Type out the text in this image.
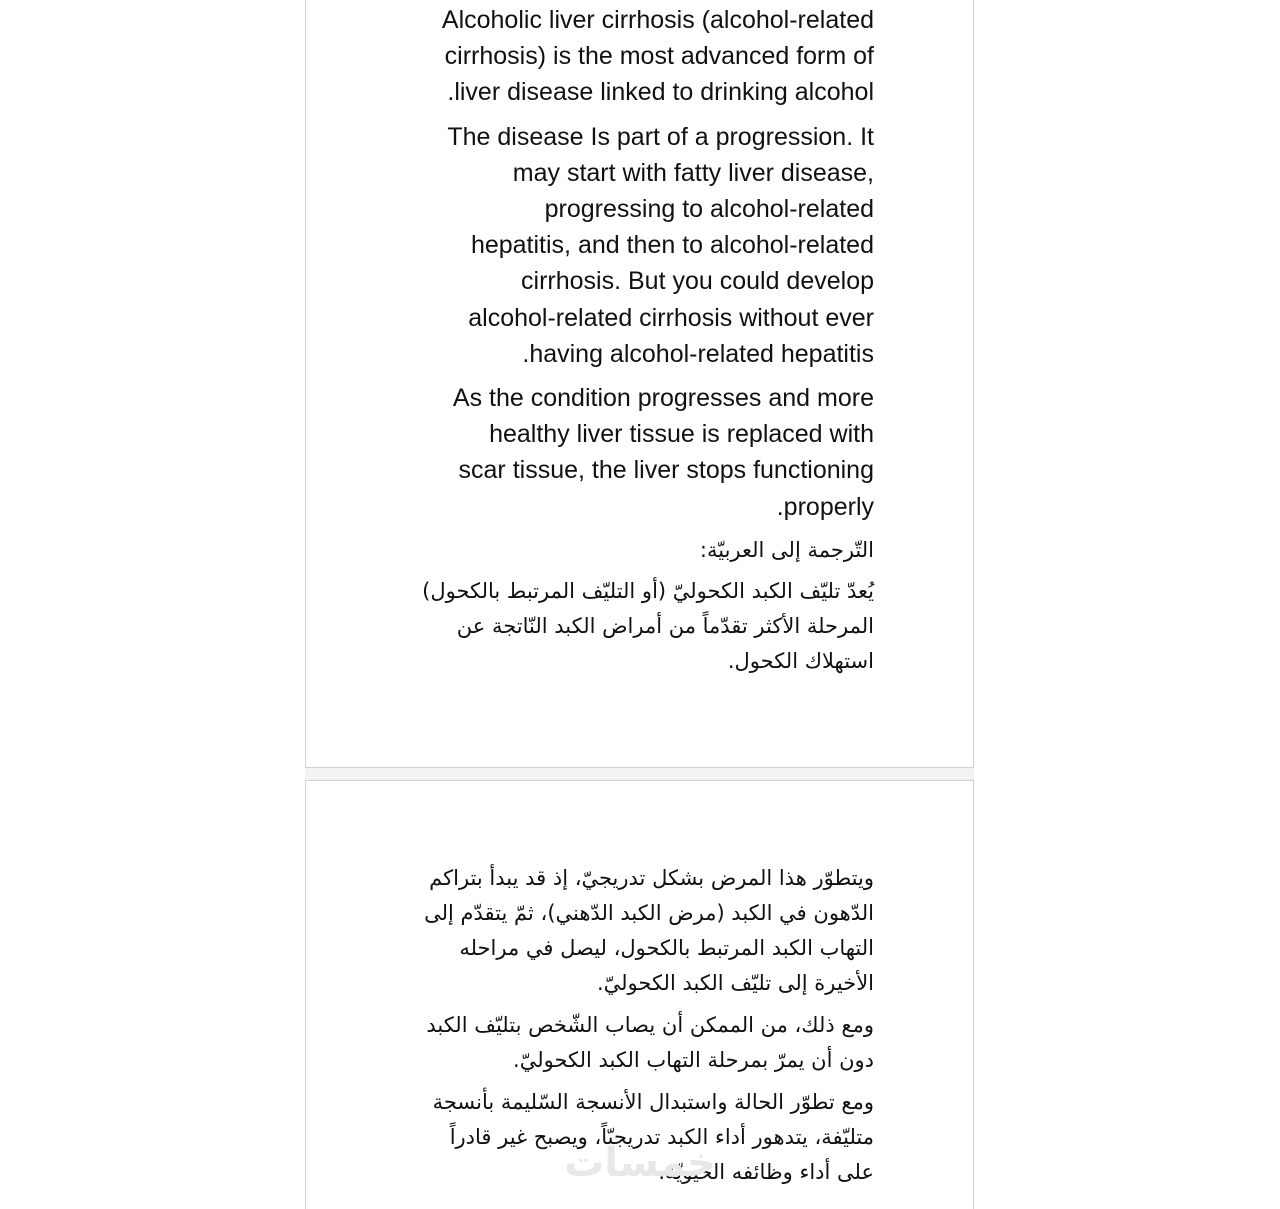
Alcoholic liver cirrhosis (alcohol-related
cirrhosis) is the most advanced form of
.liver disease linked to drinking alcohol

The disease Is part of a progression. It
may start with fatty liver disease,
progressing to alcohol-related
hepatitis, and then to alcohol-related
cirrhosis. But you could develop
alcohol-related cirrhosis without ever
.having alcohol-related hepatitis

As the condition progresses and more
healthy liver tissue is replaced with
scar tissue, the liver stops functioning
.properly

التّرجمة إلى العربيّة:

يُعدّ تليّف الكبد الكحوليّ (أو التليّف المرتبط بالكحول)
المرحلة الأكثر تقدّماً من أمراض الكبد النّاتجة عن
استهلاك الكحول.

ويتطوّر هذا المرض بشكل تدريجيّ، إذ قد يبدأ بتراكم
الدّهون في الكبد (مرض الكبد الدّهني)، ثمّ يتقدّم إلى
التهاب الكبد المرتبط بالكحول، ليصل في مراحله
الأخيرة إلى تليّف الكبد الكحوليّ.

ومع ذلك، من الممكن أن يصاب الشّخص بتليّف الكبد
دون أن يمرّ بمرحلة التهاب الكبد الكحوليّ.

ومع تطوّر الحالة واستبدال الأنسجة السّليمة بأنسجة
متليّفة، يتدهور أداء الكبد تدريجيّاً، ويصبح غير قادراً
على أداء وظائفه الحيويّة.

خمسات
